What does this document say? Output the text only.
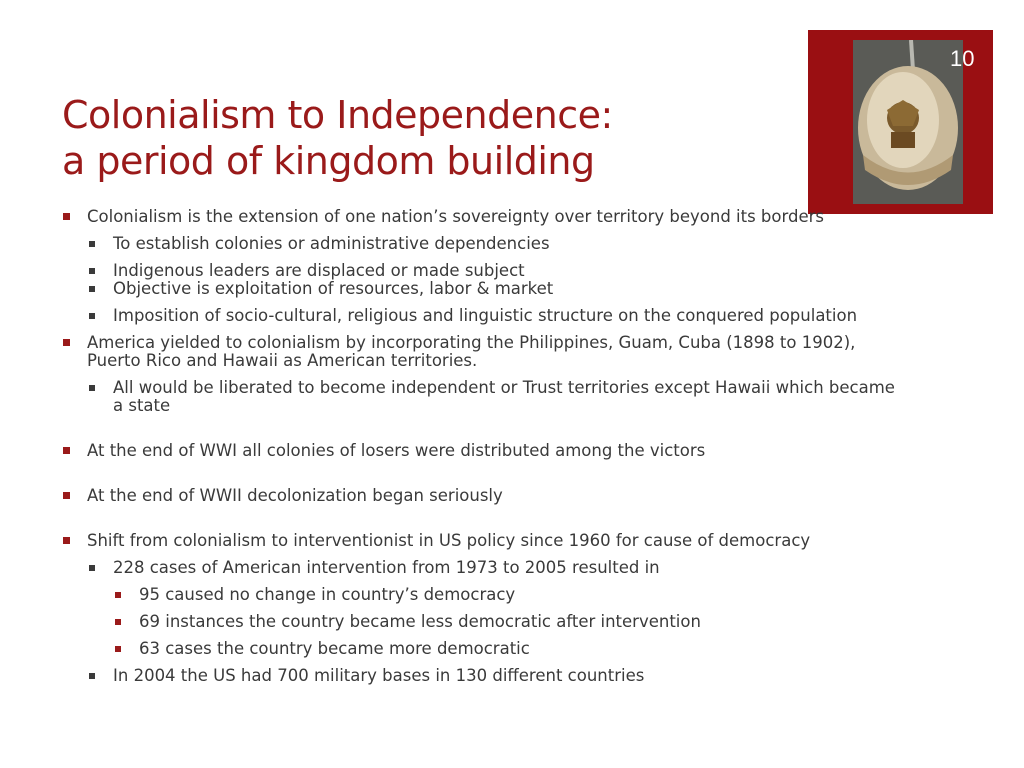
10
Colonialism to Independence:
a period of kingdom building
Colonialism is the extension of one nation’s sovereignty over territory beyond its borders
To establish colonies or administrative dependencies
Indigenous leaders are displaced or made subject
Objective is exploitation of resources, labor & market
Imposition of socio-cultural, religious and linguistic structure on the conquered population
America yielded to colonialism by incorporating the Philippines, Guam, Cuba (1898 to 1902), Puerto Rico and Hawaii as American territories.
All would be liberated to become independent or Trust territories except Hawaii which became a state
At the end of WWI all colonies of losers were distributed among the victors
At the end of WWII decolonization began seriously
Shift from colonialism to interventionist in US policy since 1960 for cause of democracy
228 cases of American intervention from 1973 to 2005 resulted in
95 caused no change in country’s democracy
69 instances the country became less democratic after intervention
63 cases the country became more democratic
In 2004 the US had 700 military bases in 130 different countries
